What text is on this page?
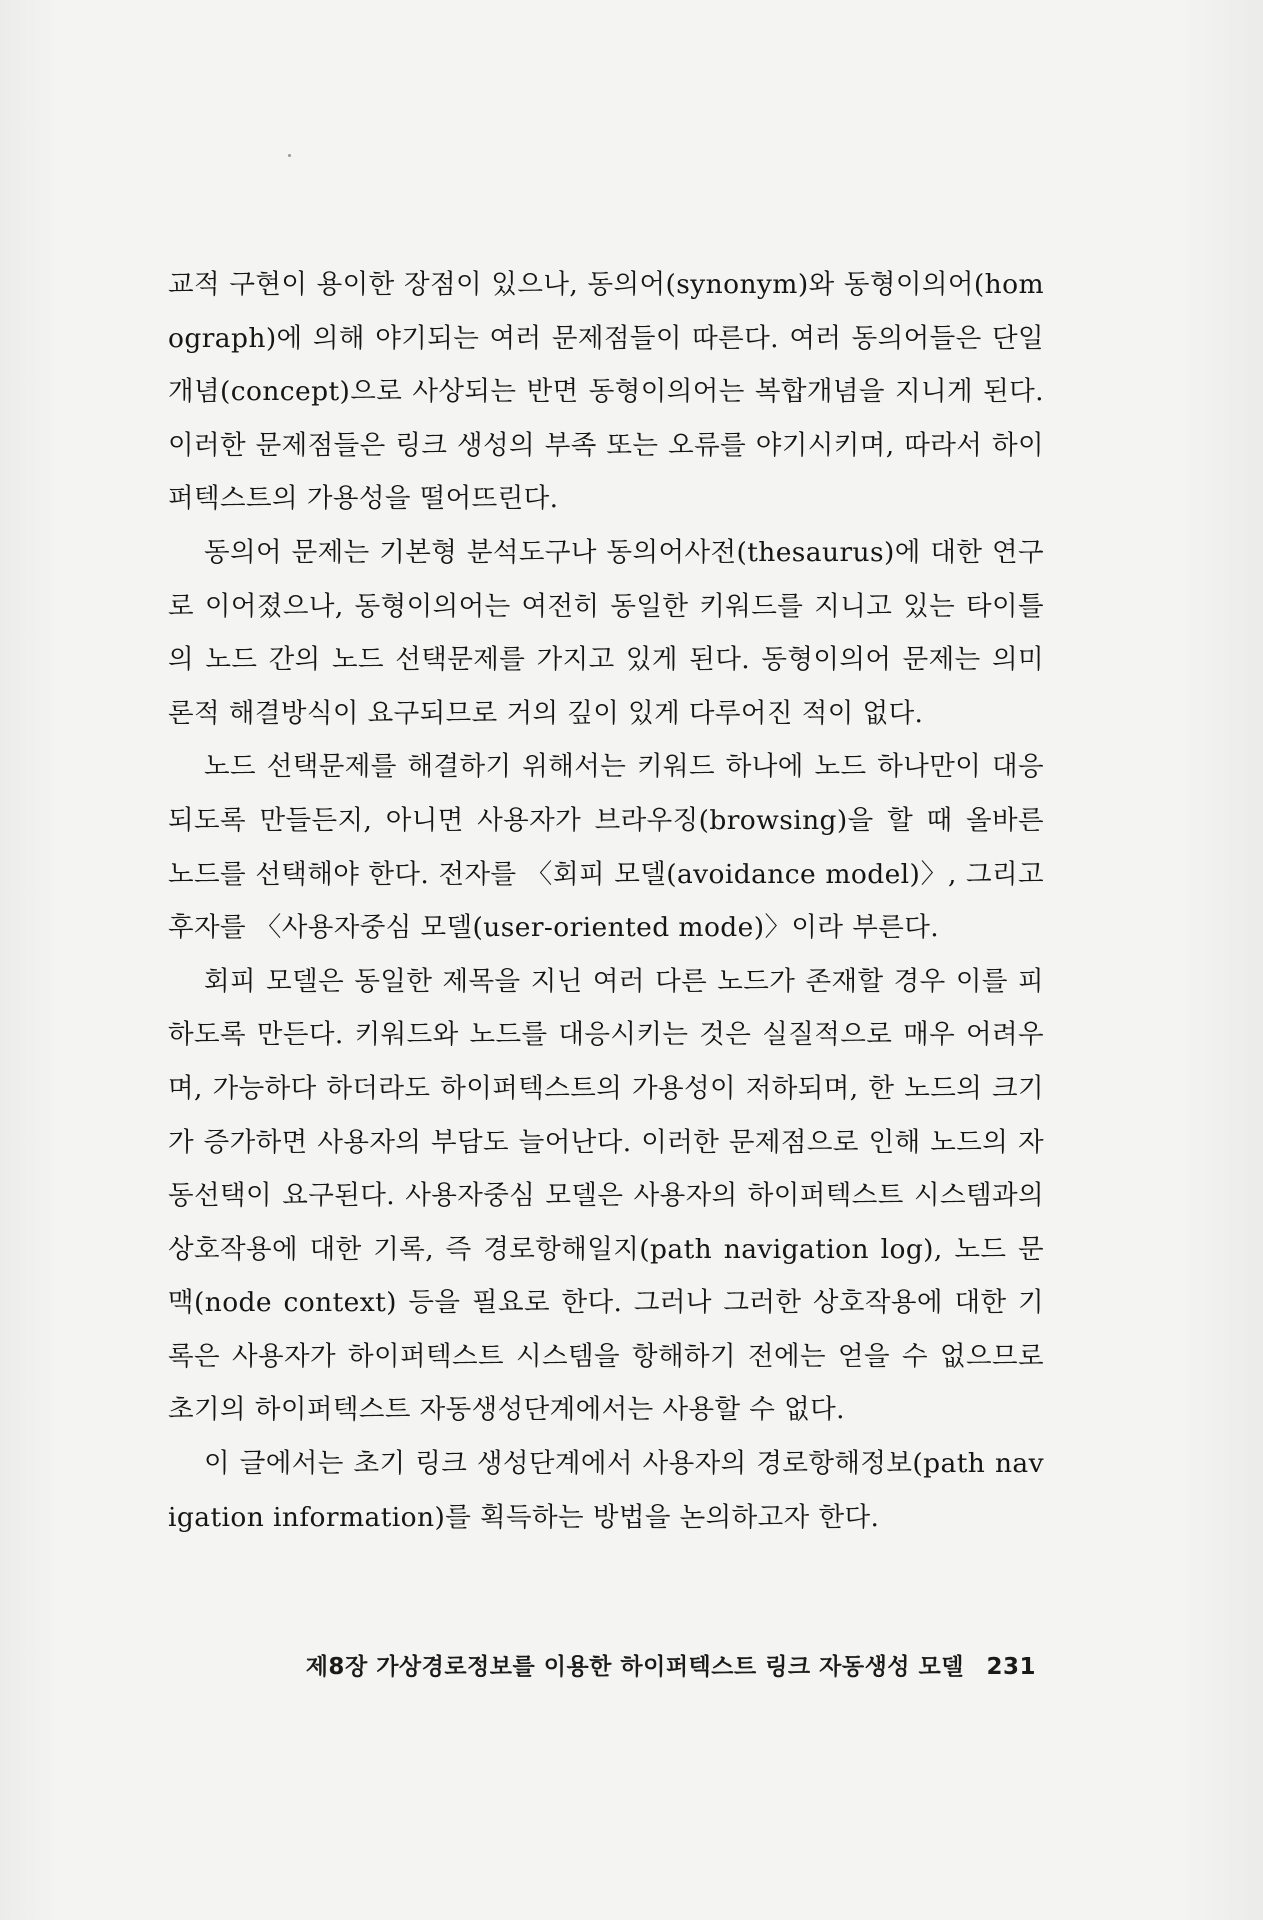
교적 구현이 용이한 장점이 있으나, 동의어(synonym)와 동형이의어(homograph)에 의해 야기되는 여러 문제점들이 따른다. 여러 동의어들은 단일개념(concept)으로 사상되는 반면 동형이의어는 복합개념을 지니게 된다. 이러한 문제점들은 링크 생성의 부족 또는 오류를 야기시키며, 따라서 하이퍼텍스트의 가용성을 떨어뜨린다.

동의어 문제는 기본형 분석도구나 동의어사전(thesaurus)에 대한 연구로 이어졌으나, 동형이의어는 여전히 동일한 키워드를 지니고 있는 타이틀의 노드 간의 노드 선택문제를 가지고 있게 된다. 동형이의어 문제는 의미론적 해결방식이 요구되므로 거의 깊이 있게 다루어진 적이 없다.

노드 선택문제를 해결하기 위해서는 키워드 하나에 노드 하나만이 대응되도록 만들든지, 아니면 사용자가 브라우징(browsing)을 할 때 올바른 노드를 선택해야 한다. 전자를 〈회피 모델(avoidance model)〉, 그리고 후자를 〈사용자중심 모델(user-oriented mode)〉이라 부른다.

회피 모델은 동일한 제목을 지닌 여러 다른 노드가 존재할 경우 이를 피하도록 만든다. 키워드와 노드를 대응시키는 것은 실질적으로 매우 어려우며, 가능하다 하더라도 하이퍼텍스트의 가용성이 저하되며, 한 노드의 크기가 증가하면 사용자의 부담도 늘어난다. 이러한 문제점으로 인해 노드의 자동선택이 요구된다. 사용자중심 모델은 사용자의 하이퍼텍스트 시스템과의 상호작용에 대한 기록, 즉 경로항해일지(path navigation log), 노드 문맥(node context) 등을 필요로 한다. 그러나 그러한 상호작용에 대한 기록은 사용자가 하이퍼텍스트 시스템을 항해하기 전에는 얻을 수 없으므로 초기의 하이퍼텍스트 자동생성단계에서는 사용할 수 없다.

이 글에서는 초기 링크 생성단계에서 사용자의 경로항해정보(path navigation information)를 획득하는 방법을 논의하고자 한다.

제8장 가상경로정보를 이용한 하이퍼텍스트 링크 자동생성 모델 231
